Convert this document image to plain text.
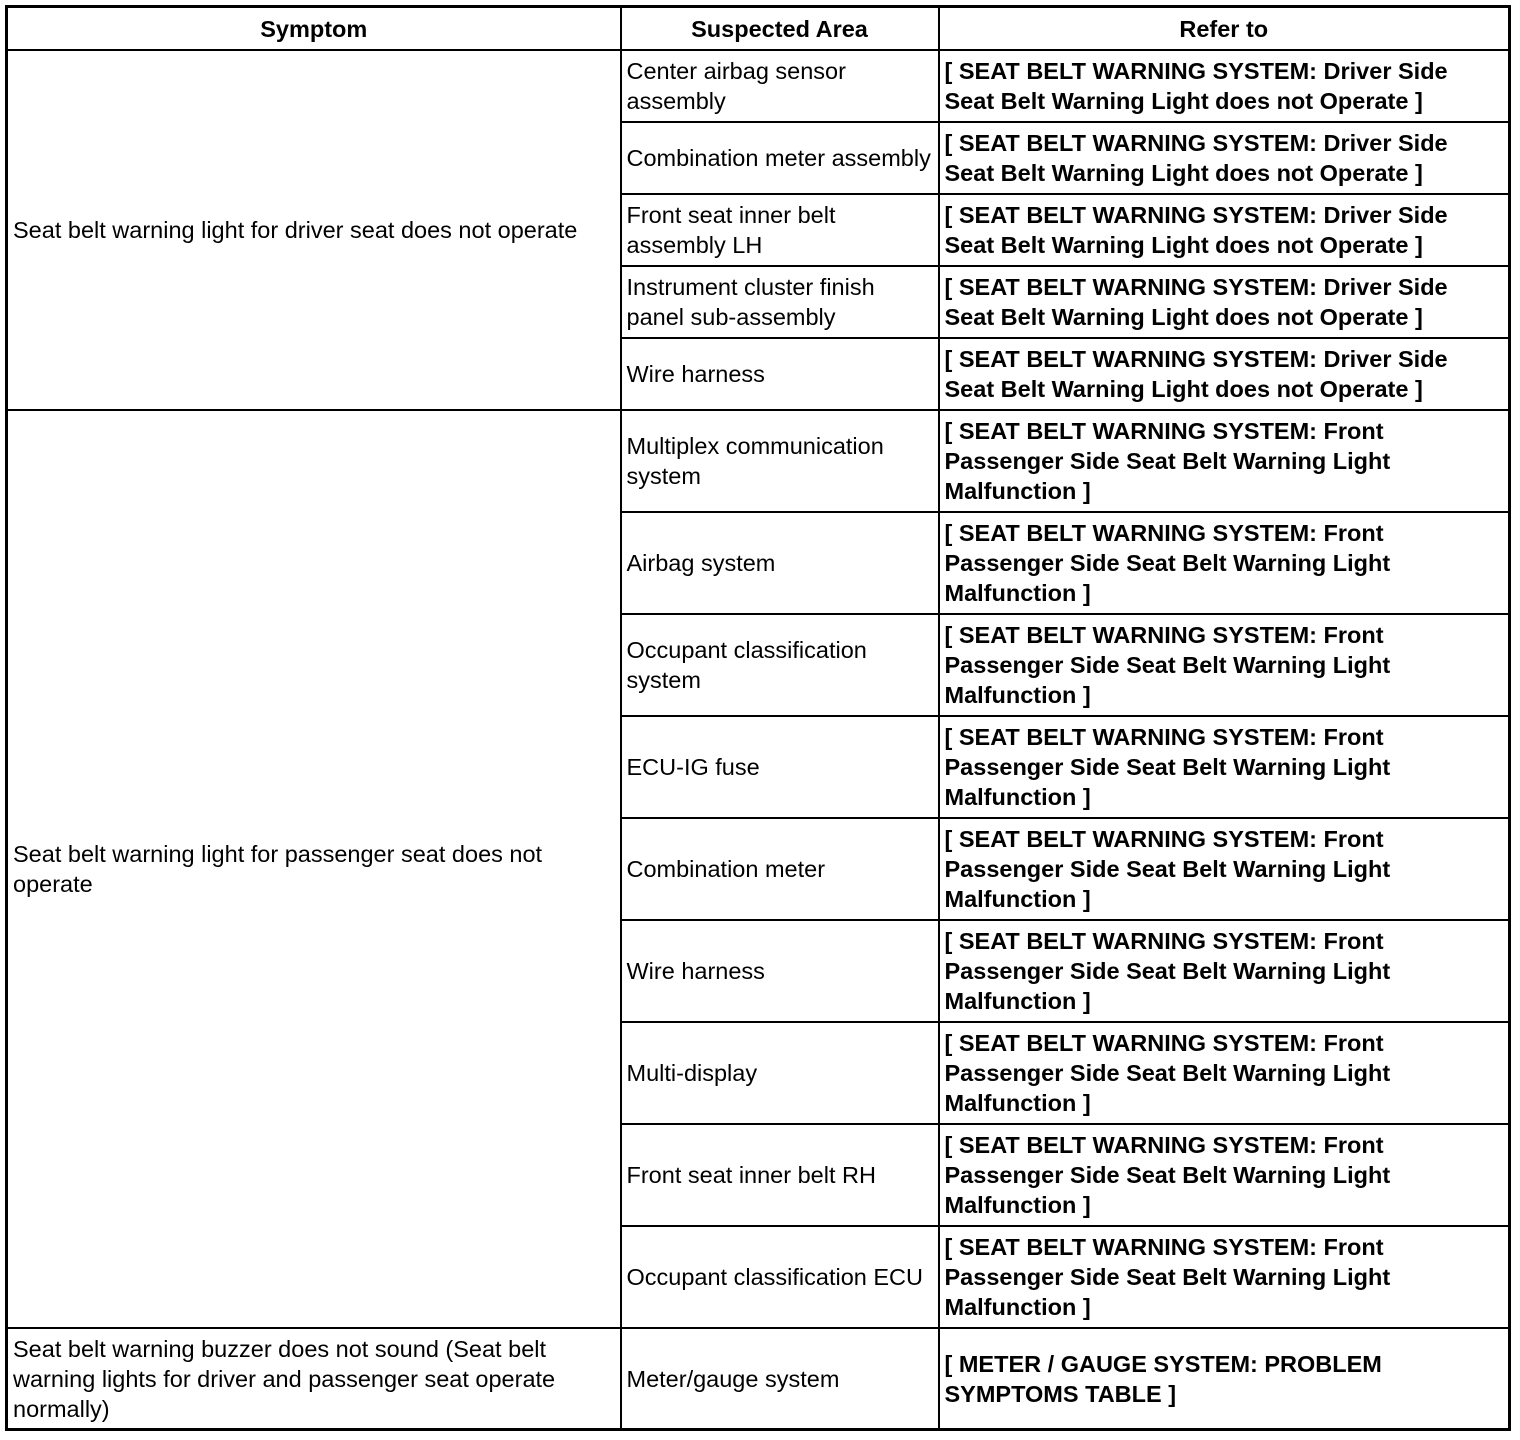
Symptom	Suspected Area	Refer to
Seat belt warning light for driver seat does not operate	Center airbag sensor assembly	[ SEAT BELT WARNING SYSTEM: Driver Side Seat Belt Warning Light does not Operate ]
	Combination meter assembly	[ SEAT BELT WARNING SYSTEM: Driver Side Seat Belt Warning Light does not Operate ]
	Front seat inner belt assembly LH	[ SEAT BELT WARNING SYSTEM: Driver Side Seat Belt Warning Light does not Operate ]
	Instrument cluster finish panel sub-assembly	[ SEAT BELT WARNING SYSTEM: Driver Side Seat Belt Warning Light does not Operate ]
	Wire harness	[ SEAT BELT WARNING SYSTEM: Driver Side Seat Belt Warning Light does not Operate ]
Seat belt warning light for passenger seat does not operate	Multiplex communication system	[ SEAT BELT WARNING SYSTEM: Front Passenger Side Seat Belt Warning Light Malfunction ]
	Airbag system	[ SEAT BELT WARNING SYSTEM: Front Passenger Side Seat Belt Warning Light Malfunction ]
	Occupant classification system	[ SEAT BELT WARNING SYSTEM: Front Passenger Side Seat Belt Warning Light Malfunction ]
	ECU-IG fuse	[ SEAT BELT WARNING SYSTEM: Front Passenger Side Seat Belt Warning Light Malfunction ]
	Combination meter	[ SEAT BELT WARNING SYSTEM: Front Passenger Side Seat Belt Warning Light Malfunction ]
	Wire harness	[ SEAT BELT WARNING SYSTEM: Front Passenger Side Seat Belt Warning Light Malfunction ]
	Multi-display	[ SEAT BELT WARNING SYSTEM: Front Passenger Side Seat Belt Warning Light Malfunction ]
	Front seat inner belt RH	[ SEAT BELT WARNING SYSTEM: Front Passenger Side Seat Belt Warning Light Malfunction ]
	Occupant classification ECU	[ SEAT BELT WARNING SYSTEM: Front Passenger Side Seat Belt Warning Light Malfunction ]
Seat belt warning buzzer does not sound (Seat belt warning lights for driver and passenger seat operate normally)	Meter/gauge system	[ METER / GAUGE SYSTEM: PROBLEM SYMPTOMS TABLE ]
